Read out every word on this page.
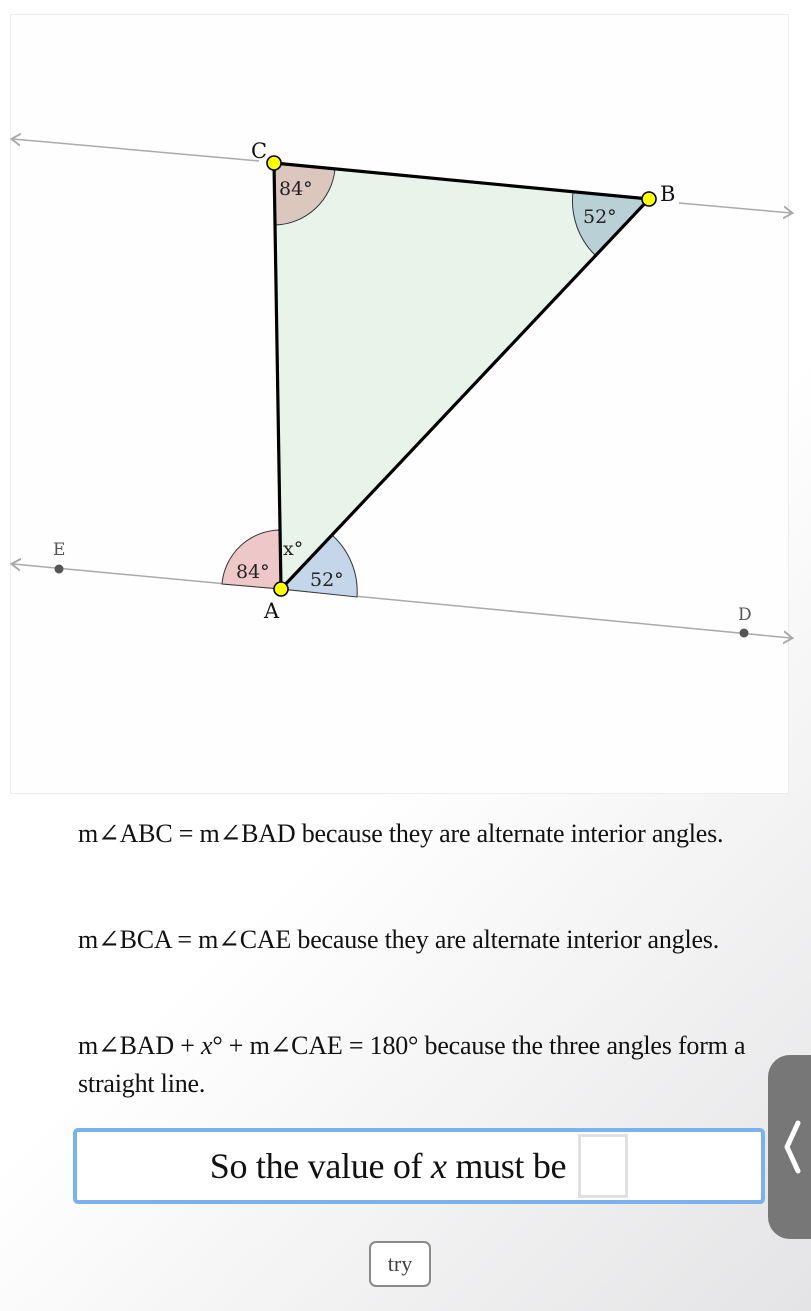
84°
52°
84°
x°
52°
E
D
C
B
A
m∠ABC = m∠BAD because they are alternate interior angles.
m∠BCA = m∠CAE because they are alternate interior angles.
m∠BAD + x° + m∠CAE = 180° because the three angles form a straight line.
So the value of x must be
try
